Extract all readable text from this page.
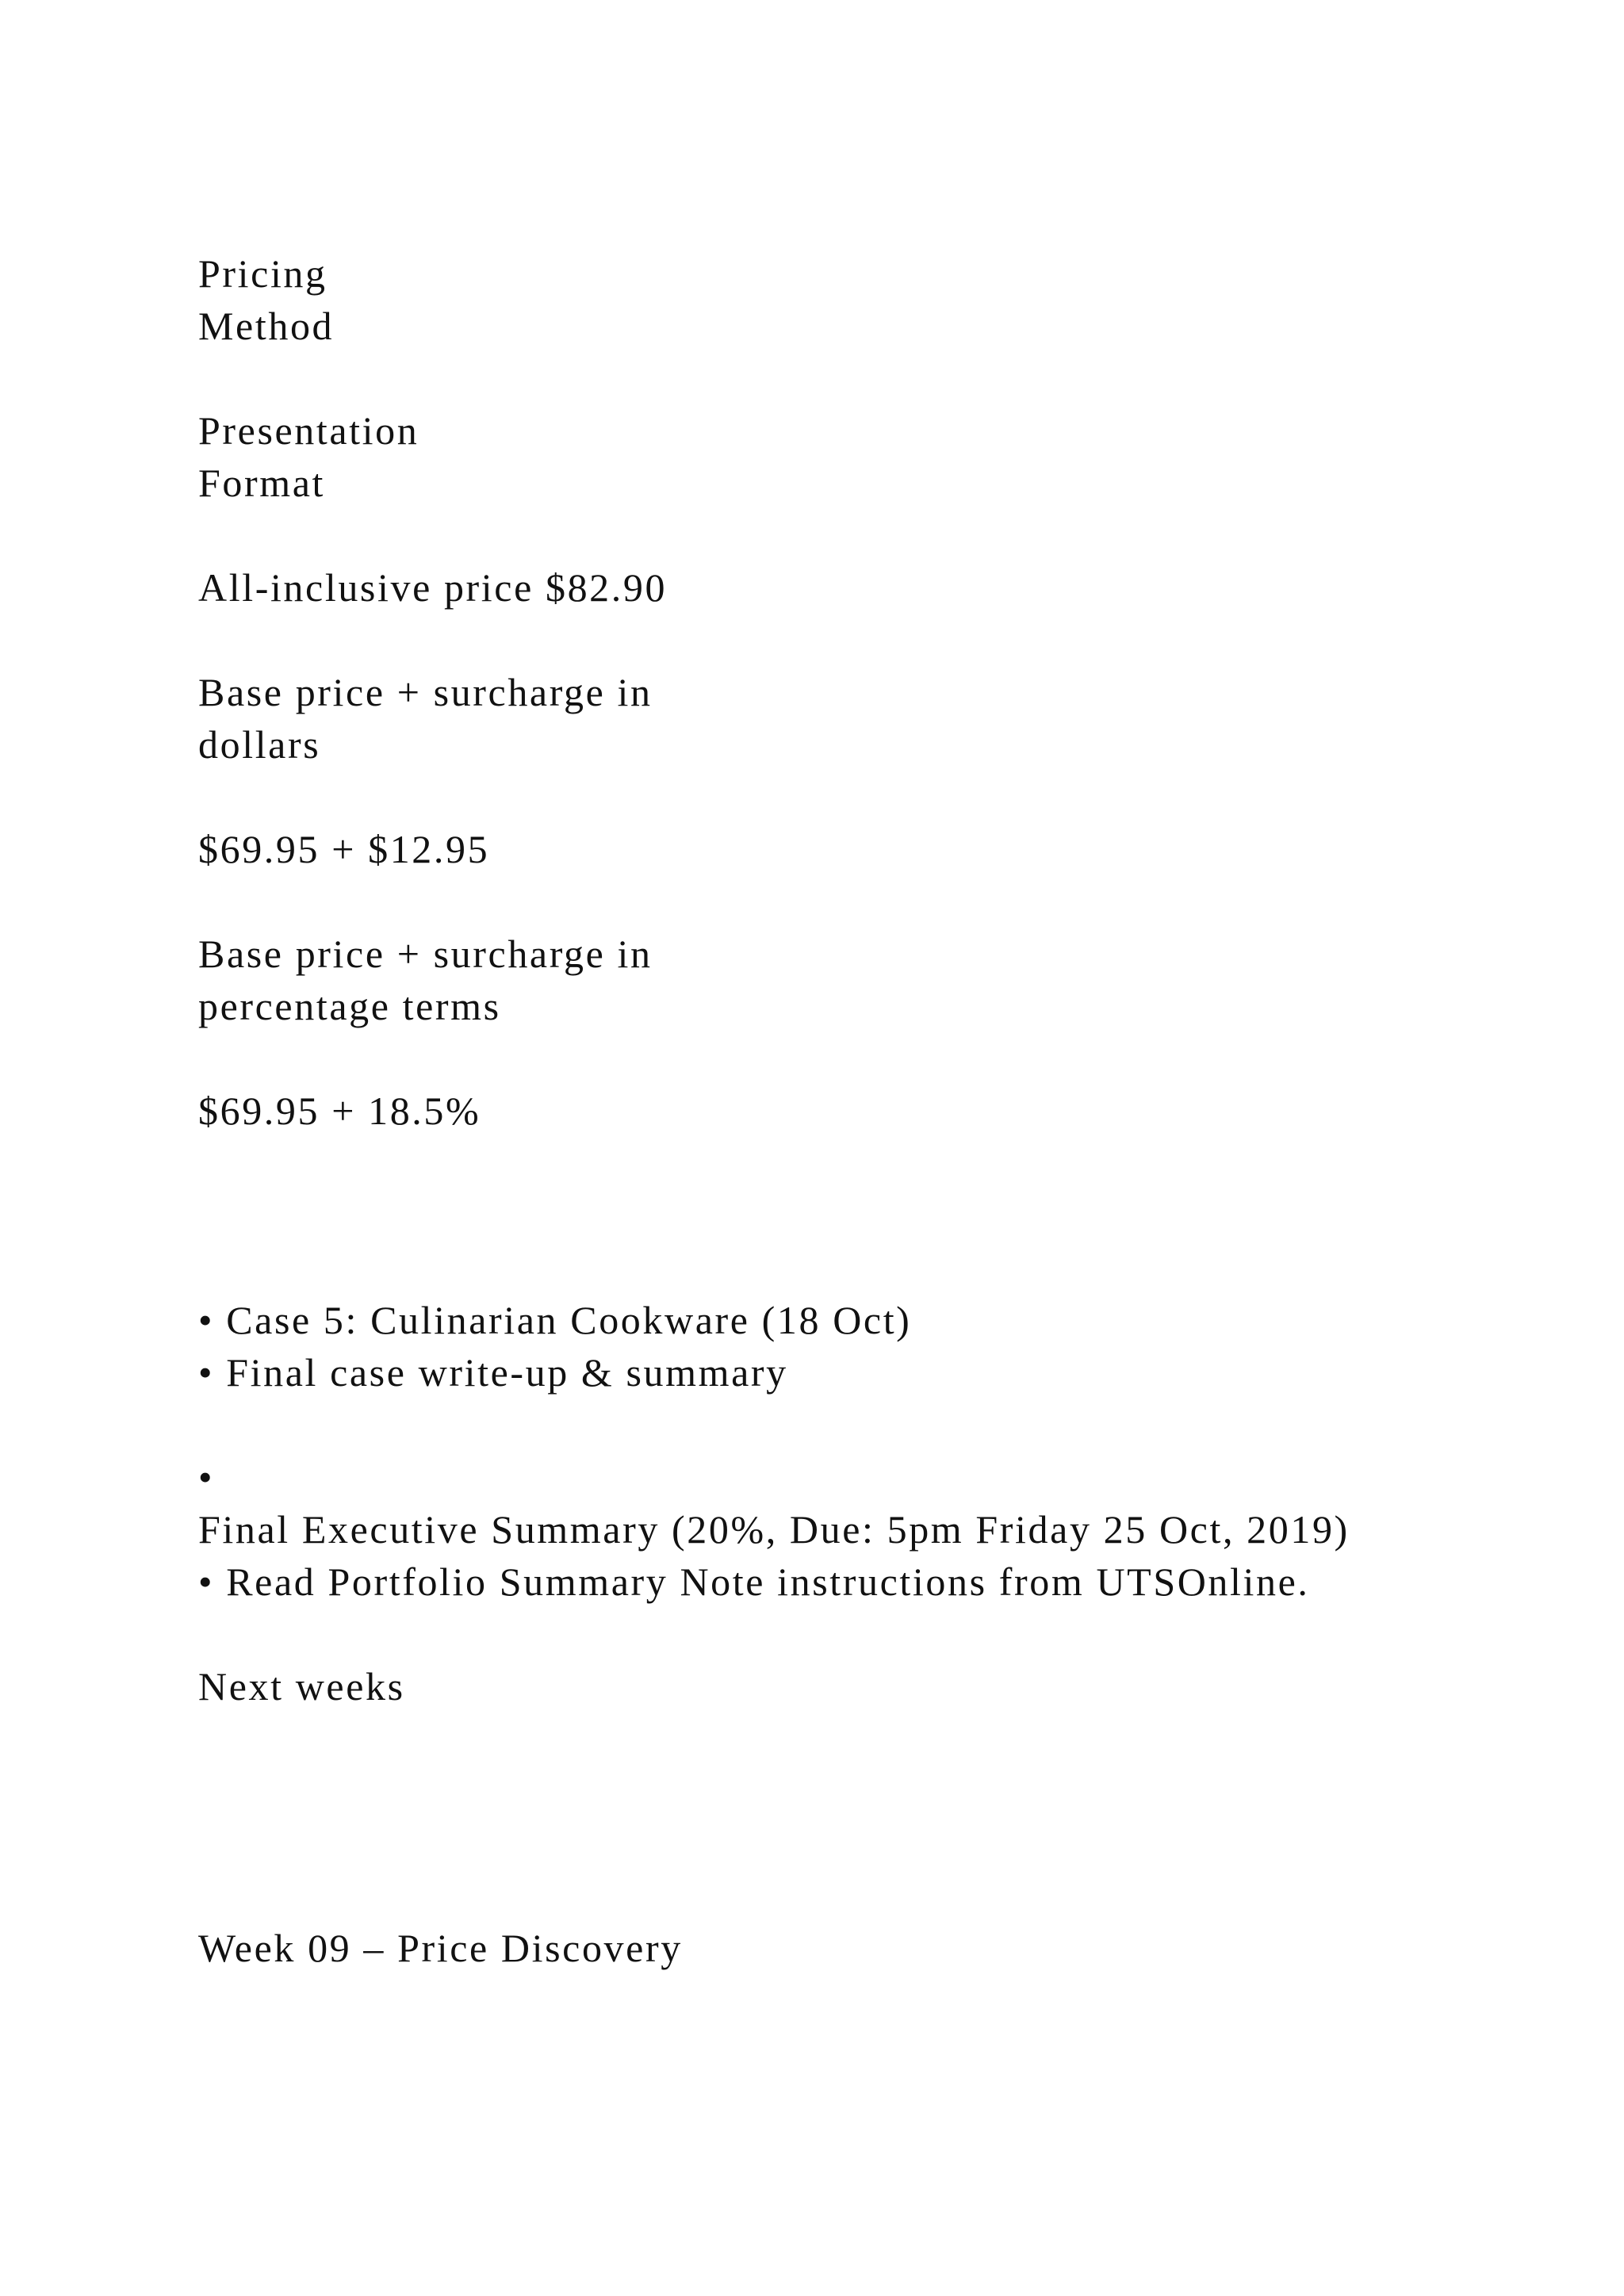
Pricing

Method

Presentation

Format

All-inclusive price $82.90

Base price + surcharge in

dollars

$69.95 + $12.95

Base price + surcharge in

percentage terms

$69.95 + 18.5%

• Case 5: Culinarian Cookware (18 Oct)

• Final case write-up & summary

•

Final Executive Summary (20%, Due: 5pm Friday 25 Oct, 2019)

• Read Portfolio Summary Note instructions from UTSOnline.

Next weeks

Week 09 – Price Discovery
